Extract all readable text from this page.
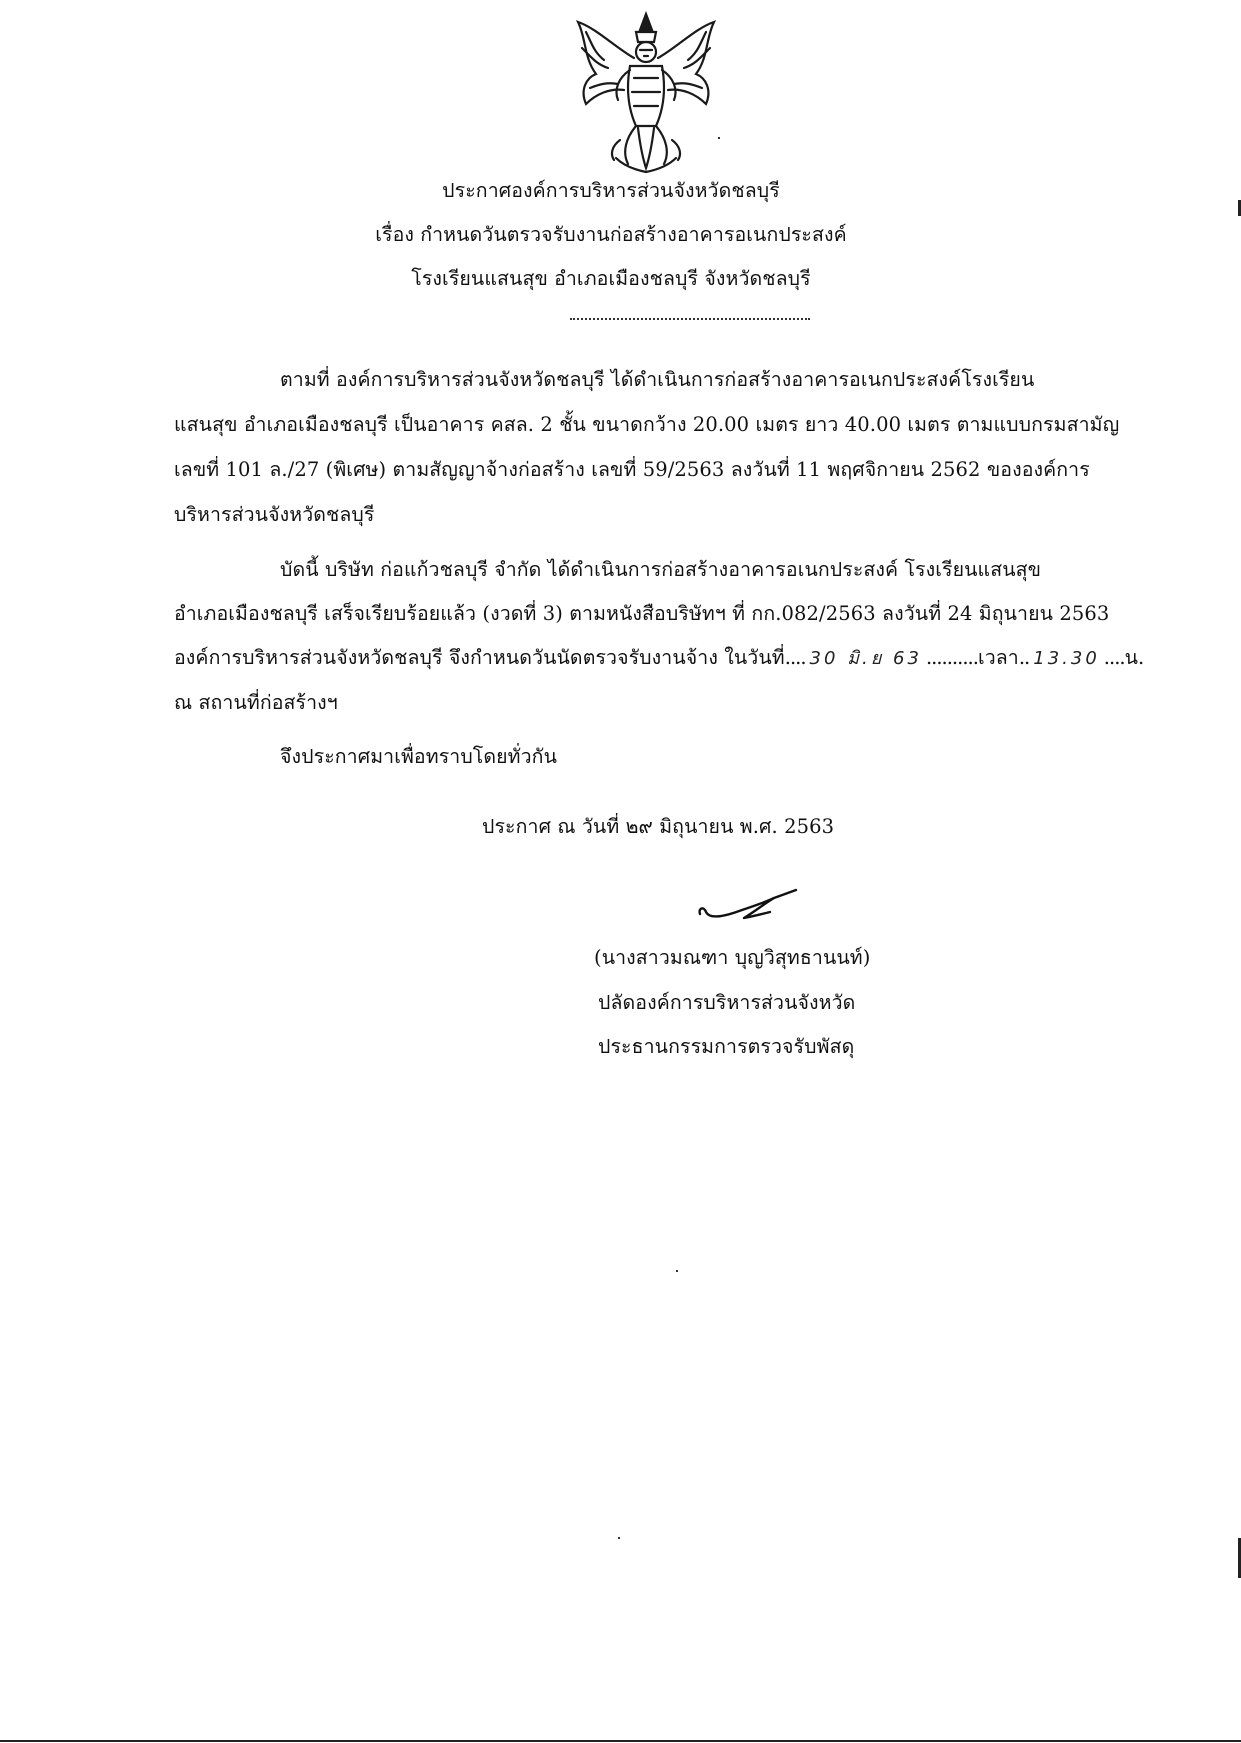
ประกาศองค์การบริหารส่วนจังหวัดชลบุรี
เรื่อง กำหนดวันตรวจรับงานก่อสร้างอาคารอเนกประสงค์
โรงเรียนแสนสุข อำเภอเมืองชลบุรี จังหวัดชลบุรี
ตามที่ องค์การบริหารส่วนจังหวัดชลบุรี ได้ดำเนินการก่อสร้างอาคารอเนกประสงค์โรงเรียน
แสนสุข อำเภอเมืองชลบุรี เป็นอาคาร คสล. 2 ชั้น ขนาดกว้าง 20.00 เมตร ยาว 40.00 เมตร ตามแบบกรมสามัญ
เลขที่ 101 ล./27 (พิเศษ) ตามสัญญาจ้างก่อสร้าง เลขที่ 59/2563 ลงวันที่ 11 พฤศจิกายน 2562 ขององค์การ
บริหารส่วนจังหวัดชลบุรี
บัดนี้ บริษัท ก่อแก้วชลบุรี จำกัด ได้ดำเนินการก่อสร้างอาคารอเนกประสงค์ โรงเรียนแสนสุข
อำเภอเมืองชลบุรี เสร็จเรียบร้อยแล้ว (งวดที่ 3) ตามหนังสือบริษัทฯ ที่ กก.082/2563 ลงวันที่ 24 มิถุนายน 2563
องค์การบริหารส่วนจังหวัดชลบุรี จึงกำหนดวันนัดตรวจรับงานจ้าง ในวันที่.... 30 มิ.ย 63 ..........เวลา.. 13.30 ....น.
ณ สถานที่ก่อสร้างฯ
จึงประกาศมาเพื่อทราบโดยทั่วกัน
ประกาศ ณ วันที่ ๒๙ มิถุนายน พ.ศ. 2563
(นางสาวมณฑา บุญวิสุทธานนท์)
ปลัดองค์การบริหารส่วนจังหวัด
ประธานกรรมการตรวจรับพัสดุ
